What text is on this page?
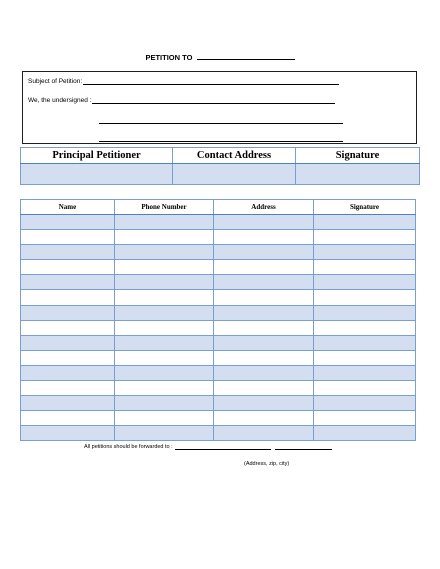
PETITION TO
Subject of Petition:
We, the undersigned :
Principal Petitioner	Contact Address	Signature

Name	Phone Number	Address	Signature

All petitions should be forwarded to :
(Address, zip, city)
